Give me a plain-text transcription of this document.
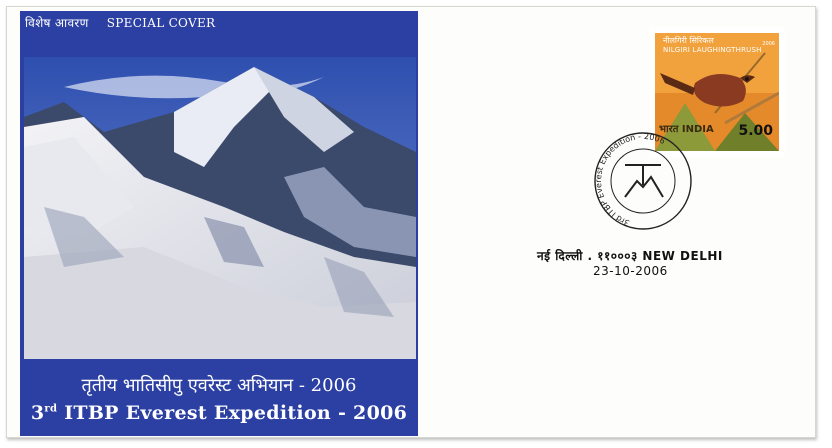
विशेष आवरण SPECIAL COVER
तृतीय भातिसीपु एवरेस्ट अभियान - 2006
3rd ITBP Everest Expedition - 2006
नीलगिरी सिरिकल
NILGIRI LAUGHINGTHRUSH
2006
भारत INDIA 5.00
3rd ITBP Everest Expedition - 2006
नई दिल्ली . ११०००३ NEW DELHI
23-10-2006
